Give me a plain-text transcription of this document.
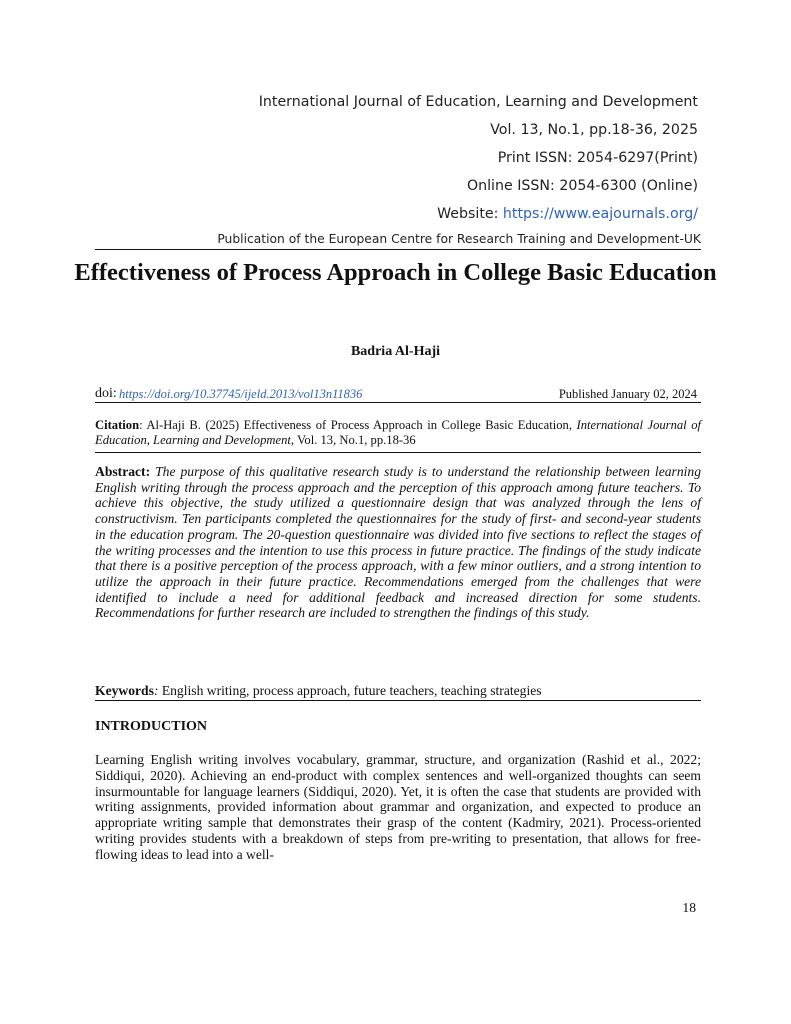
International Journal of Education, Learning and Development

Vol. 13, No.1, pp.18-36, 2025

Print ISSN: 2054-6297(Print)

Online ISSN: 2054-6300 (Online)

Website: https://www.eajournals.org/

Publication of the European Centre for Research Training and Development-UK
Effectiveness of Process Approach in College Basic Education
Badria Al-Haji
doi: https://doi.org/10.37745/ijeld.2013/vol13n11836	Published January 02, 2024
Citation: Al-Haji B. (2025) Effectiveness of Process Approach in College Basic Education, International Journal of Education, Learning and Development, Vol. 13, No.1, pp.18-36
Abstract: The purpose of this qualitative research study is to understand the relationship between learning English writing through the process approach and the perception of this approach among future teachers. To achieve this objective, the study utilized a questionnaire design that was analyzed through the lens of constructivism. Ten participants completed the questionnaires for the study of first- and second-year students in the education program. The 20-question questionnaire was divided into five sections to reflect the stages of the writing processes and the intention to use this process in future practice. The findings of the study indicate that there is a positive perception of the process approach, with a few minor outliers, and a strong intention to utilize the approach in their future practice. Recommendations emerged from the challenges that were identified to include a need for additional feedback and increased direction for some students. Recommendations for further research are included to strengthen the findings of this study.
Keywords: English writing, process approach, future teachers, teaching strategies
INTRODUCTION
Learning English writing involves vocabulary, grammar, structure, and organization (Rashid et al., 2022; Siddiqui, 2020). Achieving an end-product with complex sentences and well-organized thoughts can seem insurmountable for language learners (Siddiqui, 2020). Yet, it is often the case that students are provided with writing assignments, provided information about grammar and organization, and expected to produce an appropriate writing sample that demonstrates their grasp of the content (Kadmiry, 2021). Process-oriented writing provides students with a breakdown of steps from pre-writing to presentation, that allows for free-flowing ideas to lead into a well-
18
